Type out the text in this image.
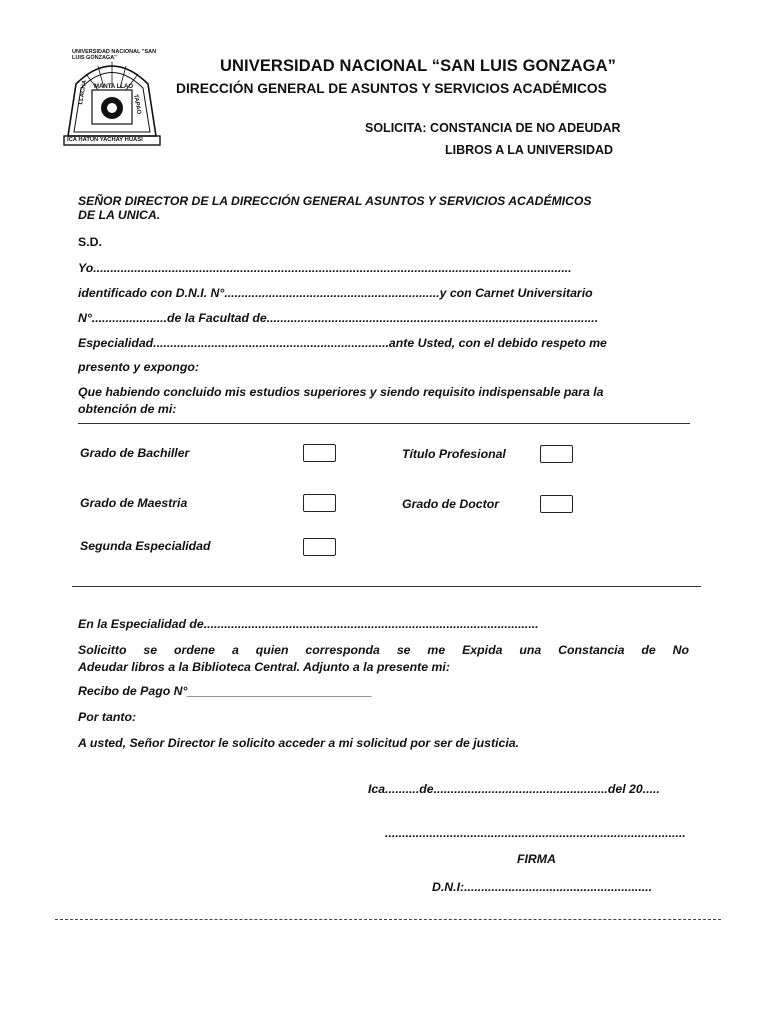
MANTA LLAO
UNIVERSIDAD NACIONAL "SAN LUIS GONZAGA"
ICA HATUN YACHAY HUASI
LLACHA	TAPAO
UNIVERSIDAD NACIONAL “SAN LUIS GONZAGA”
DIRECCIÓN GENERAL DE ASUNTOS Y SERVICIOS ACADÉMICOS
SOLICITA: CONSTANCIA DE NO ADEUDAR
LIBROS A LA UNIVERSIDAD
SEÑOR DIRECTOR DE LA DIRECCIÓN GENERAL ASUNTOS Y SERVICIOS ACADÉMICOS
DE LA UNICA.
S.D.
Yo............................................................................................................................................
identificado con D.N.I. N°...............................................................y con Carnet Universitario
N°......................de la Facultad de.................................................................................................
Especialidad.....................................................................ante Usted, con el debido respeto me
presento y expongo:
Que habiendo concluido mis estudios superiores y siendo requisito indispensable para la
obtención de mi:
Grado de Bachiller	Título Profesional
Grado de Maestria	Grado de Doctor
Segunda Especialidad
En la Especialidad de..................................................................................................
Solicitto se ordene a quien corresponda se me Expida una Constancia de No
Adeudar libros a la Biblioteca Central. Adjunto a la presente mi:
Recibo de Pago N°___________________________
Por tanto:
A usted, Señor Director le solicito acceder a mi solicitud por ser de justicia.
Ica..........de...................................................del 20.....
........................................................................................
FIRMA
D.N.I:.......................................................
